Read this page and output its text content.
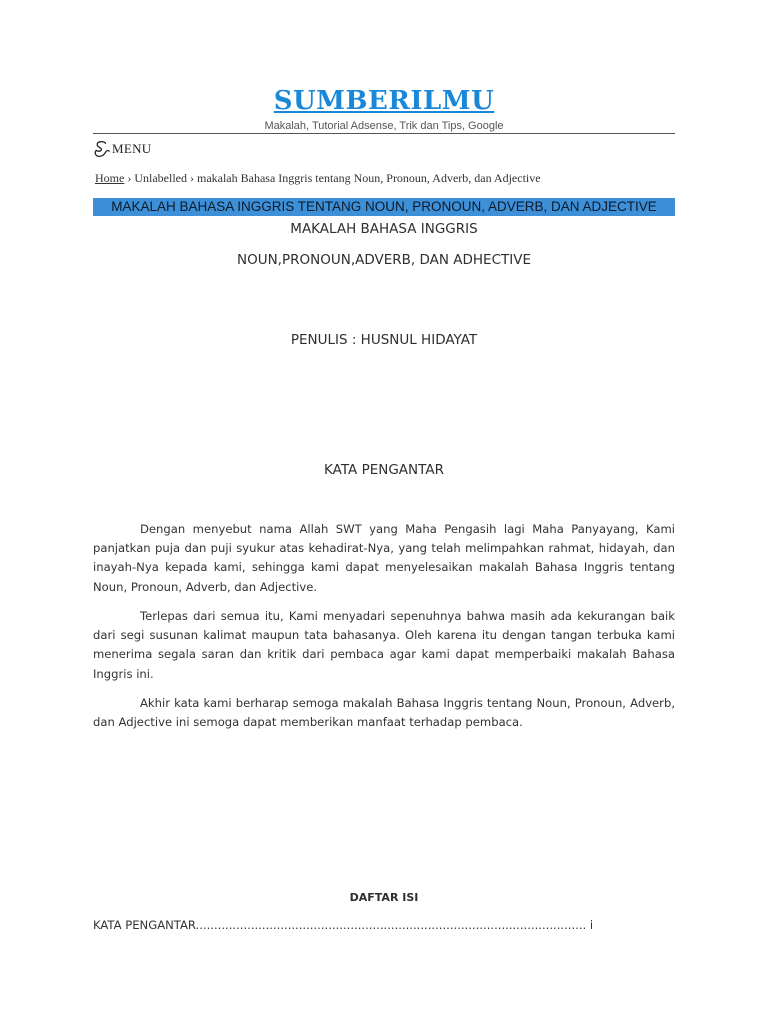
SUMBERILMU
Makalah, Tutorial Adsense, Trik dan Tips, Google
MENU
Home › Unlabelled › makalah Bahasa Inggris tentang Noun, Pronoun, Adverb, dan Adjective
MAKALAH BAHASA INGGRIS TENTANG NOUN, PRONOUN, ADVERB, DAN ADJECTIVE
MAKALAH BAHASA INGGRIS
NOUN,PRONOUN,ADVERB, DAN ADHECTIVE
PENULIS : HUSNUL HIDAYAT
KATA PENGANTAR

Dengan menyebut nama Allah SWT yang Maha Pengasih lagi Maha Panyayang, Kami panjatkan puja dan puji syukur atas kehadirat-Nya, yang telah melimpahkan rahmat, hidayah, dan inayah-Nya kepada kami, sehingga kami dapat menyelesaikan makalah Bahasa Inggris tentang Noun, Pronoun, Adverb, dan Adjective.

Terlepas dari semua itu, Kami menyadari sepenuhnya bahwa masih ada kekurangan baik dari segi susunan kalimat maupun tata bahasanya. Oleh karena itu dengan tangan terbuka kami menerima segala saran dan kritik dari pembaca agar kami dapat memperbaiki makalah Bahasa Inggris ini.

Akhir kata kami berharap semoga makalah Bahasa Inggris tentang Noun, Pronoun, Adverb, dan Adjective ini semoga dapat memberikan manfaat terhadap pembaca.

DAFTAR ISI
KATA PENGANTAR.......................................................................................................... i
